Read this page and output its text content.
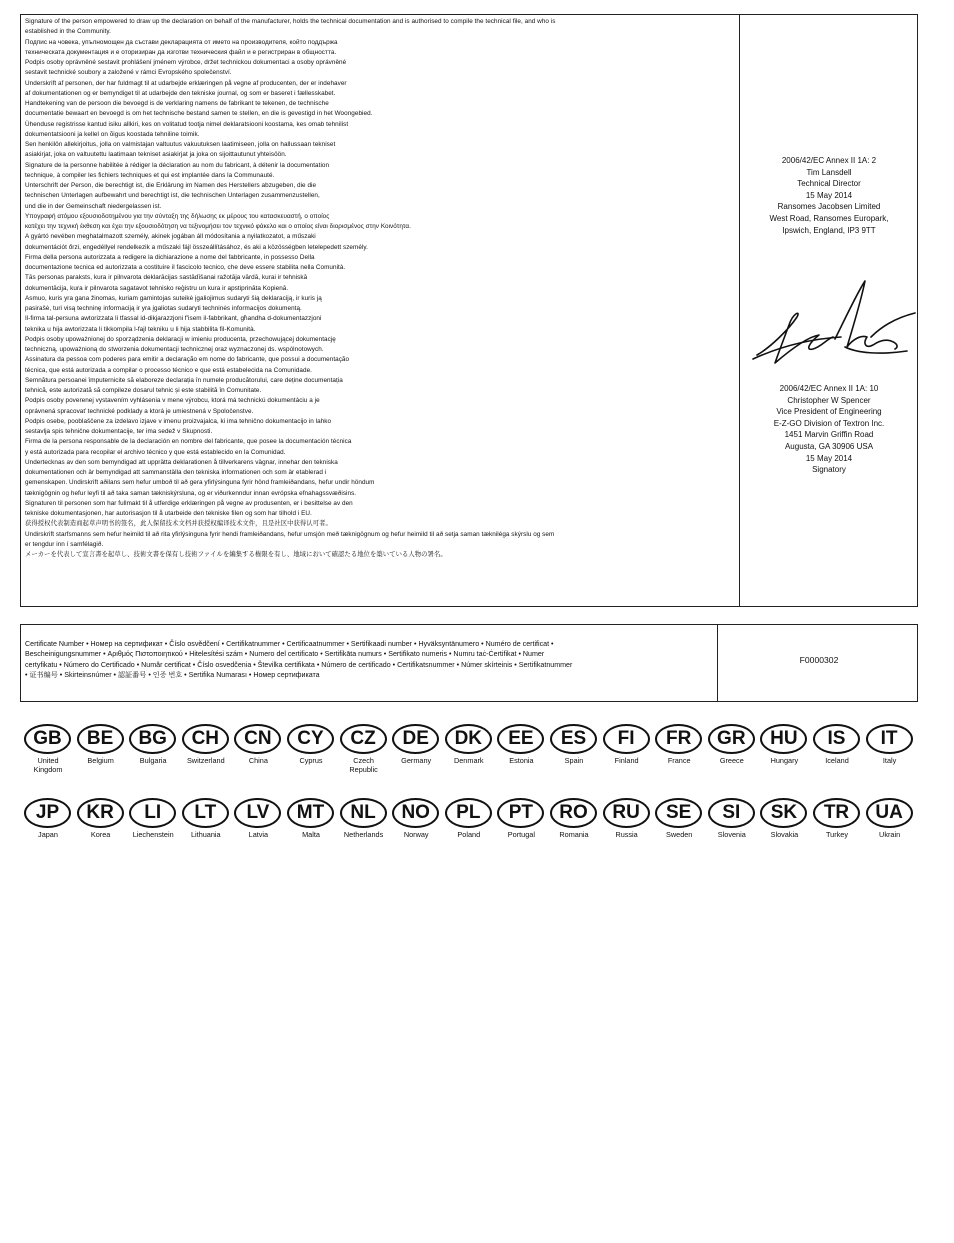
Signature of the person empowered to draw up the declaration on behalf of the manufacturer, holds the technical documentation and is authorised to compile the technical file, and who is
established in the Community.
Подпис на човека, упълномощен да състави декларацията от името на производителя, който поддържа
техническата документация и е оторизиран да изготви техническия файл и е регистриран в общността.
Podpis osoby oprávněné sestavit prohlášení jménem výrobce, držet technickou dokumentaci a osoby oprávněné
sestavit technické soubory a založené v rámci Evropského společenství.
Underskrift af personen, der har fuldmagt til at udarbejde erklæringen på vegne af producenten, der er indehaver
af dokumentationen og er bemyndiget til at udarbejde den tekniske journal, og som er baseret i fællesskabet.
Handtekening van de persoon die bevoegd is de verklaring namens de fabrikant te tekenen, de technische
documentatie bewaart en bevoegd is om het technische bestand samen te stellen, en die is gevestigd in het Woongebied.
Ühenduse registrisse kantud isiku allkiri, kes on volitatud tootja nimel deklaratsiooni koostama, kes omab tehnilist
dokumentatsiooni ja kellel on õigus koostada tehniline toimik.
Sen henkilön allekirjoitus, jolla on valmistajan valtuutus vakuutuksen laatimiseen, jolla on hallussaan tekniset
asiakirjat, joka on valtuutettu laatimaan tekniset asiakirjat ja joka on sijoittautunut yhteisöön.
Signature de la personne habilitée à rédiger la déclaration au nom du fabricant, à détenir la documentation
technique, à compiler les fichiers techniques et qui est implantée dans la Communauté.
Unterschrift der Person, die berechtigt ist, die Erklärung im Namen des Herstellers abzugeben, die die
technischen Unterlagen aufbewahrt und berechtigt ist, die technischen Unterlagen zusammenzustellen,
und die in der Gemeinschaft niedergelassen ist.
Υπογραφή ατόμου εξουσιοδοτημένου για την σύνταξη της δήλωσης εκ μέρους του κατασκευαστή, ο οποίος
κατέχει την τεχνική έκθεση και έχει την εξουσιοδότηση να τεξινομήσει τον τεχνικό φάκελο και ο οποίος είναι διορισμένος στην Κοινότητα.
A gyártó nevében meghatalmazott személy, akinek jogában áll módosítania a nyilatkozatot, a műszaki
dokumentációt őrzi, engedéllyel rendelkezik a műszaki fájl összeállításához, és aki a közösségben letelepedett személy.
Firma della persona autorizzata a redigere la dichiarazione a nome del fabbricante, in possesso Della
documentazione tecnica ed autorizzata a costituire il fascicolo tecnico, che deve essere stabilita nella Comunità.
Tās personas paraksts, kura ir pilnvarota deklarācijas sastādīšanai ražotāja vārdā, kurai ir tehniskā
dokumentācija, kura ir pilnvarota sagatavot tehnisko reģistru un kura ir apstiprināta Kopienā.
Asmuo, kuris yra gana žinomas, kuriam gamintojas suteikė įgaliojimus sudaryti šią deklaraciją, ir kuris ją
pasirašė, turi visą techninę informaciją ir yra įgaliotas sudaryti techninės informacijos dokumentą.
Il-firma tal-persuna awtorizzata li tfassal id-dikjarazzjoni f'isem il-fabbrikant, għandha d-dokumentazzjoni
teknika u hija awtorizzata li tikkompila l-fajl tekniku u li hija stabbilita fil-Komunità.
Podpis osoby upoważnionej do sporządzenia deklaracji w imieniu producenta, przechowującej dokumentację
techniczną, upoważnioną do stworzenia dokumentacji technicznej oraz wyznaczonej ds. wspólnotowych.
Assinatura da pessoa com poderes para emitir a declaração em nome do fabricante, que possui a documentação
técnica, que está autorizada a compilar o processo técnico e que está estabelecida na Comunidade.
Semnătura persoanei împuternicite să elaboreze declarația în numele producătorului, care deține documentația
tehnică, este autorizată să compileze dosarul tehnic și este stabilită în Comunitate.
Podpis osoby poverenej vystavením vyhlásenia v mene výrobcu, ktorá má technickú dokumentáciu a je
oprávnená spracovať technické podklady a ktorá je umiestnená v Spoločenstve.
Podpis osebe, pooblaščene za izdelavo izjave v imenu proizvajalca, ki ima tehnično dokumentacijo in lahko
sestavlja spis tehnične dokumentacije, ter ima sedež v Skupnosti.
Firma de la persona responsable de la declaración en nombre del fabricante, que posee la documentación técnica
y está autorizada para recopilar el archivo técnico y que está establecido en la Comunidad.
Undertecknas av den som bemyndigad att upprätta deklarationen å tillverkarens vägnar, innehar den tekniska
dokumentationen och är bemyndigad att sammanställa den tekniska informationen och som är etablerad i
gemenskapen. Undirskrift aðilans sem hefur umboð til að gera yfirlýsinguna fyrir hönd framleiðandans, hefur undir höndum
tæknigögnin og hefur leyfi til að taka saman tækniskýrsluna, og er viðurkenndur innan evrópska efnahagssvæðisins.
Signaturen til personen som har fullmakt til å utferdige erklæringen på vegne av produsenten, er i besittelse av den
tekniske dokumentasjonen, har autorisasjon til å utarbeide den tekniske filen og som har tilhold i EU.
获得授权代表制造商起草声明书的签名，此人保留技术文档并获授权编译技术文件，且是社区中获得认可者。
Undirskrift starfsmanns sem hefur heimild til að rita yfirlýsinguna fyrir hendi framleiðandans, hefur umsjón með tæknigögnum og hefur heimild til að setja saman tækniléga skýrslu og sem
er tengdur inn í samfélagið.
メーカーを代表して宣言書を起草し、技術文書を保有し技術ファイルを編集する権限を有し、地域において確認たる地位を築いている人物の署名。
2006/42/EC Annex II 1A: 2
Tim Lansdell
Technical Director
15 May 2014
Ransomes Jacobsen Limited
West Road, Ransomes Europark,
Ipswich, England, IP3 9TT
2006/42/EC Annex II 1A: 10
Christopher W Spencer
Vice President of Engineering
E-Z-GO Division of Textron Inc.
1451 Marvin Griffin Road
Augusta, GA 30906 USA
15 May 2014
Signatory
Certificate Number • Номер на сертификат • Číslo osvědčení • Certifikatnummer • Certificaatnummer • Sertifikaadi number • Hyväksyntänumero • Numéro de certificat •
Bescheinigungsnummer • Αριθμός Πιστοποιητικού • Hitelesítési szám • Numero del certificato • Sertifikāta numurs • Sertifikato numeris • Numru taċ-Ċertifikat • Numer
certyfikatu • Número do Certificado • Număr certificat • Číslo osvedčenia • Številka certifikata • Número de certificado • Certifikatsnummer • Númer skírteinis • Sertifikatnummer
• 证书编号 • Skirteinsnúmer • 認証番号 • 인증 번호 • Sertifika Numarası • Номер сертификата
F0000302
GB
United Kingdom
BE
Belgium
BG
Bulgaria
CH
Switzerland
CN
China
CY
Cyprus
CZ
Czech Republic
DE
Germany
DK
Denmark
EE
Estonia
ES
Spain
FI
Finland
FR
France
GR
Greece
HU
Hungary
IS
Iceland
IT
Italy
JP
Japan
KR
Korea
LI
Liechenstein
LT
Lithuania
LV
Latvia
MT
Malta
NL
Netherlands
NO
Norway
PL
Poland
PT
Portugal
RO
Romania
RU
Russia
SE
Sweden
SI
Slovenia
SK
Slovakia
TR
Turkey
UA
Ukrain
